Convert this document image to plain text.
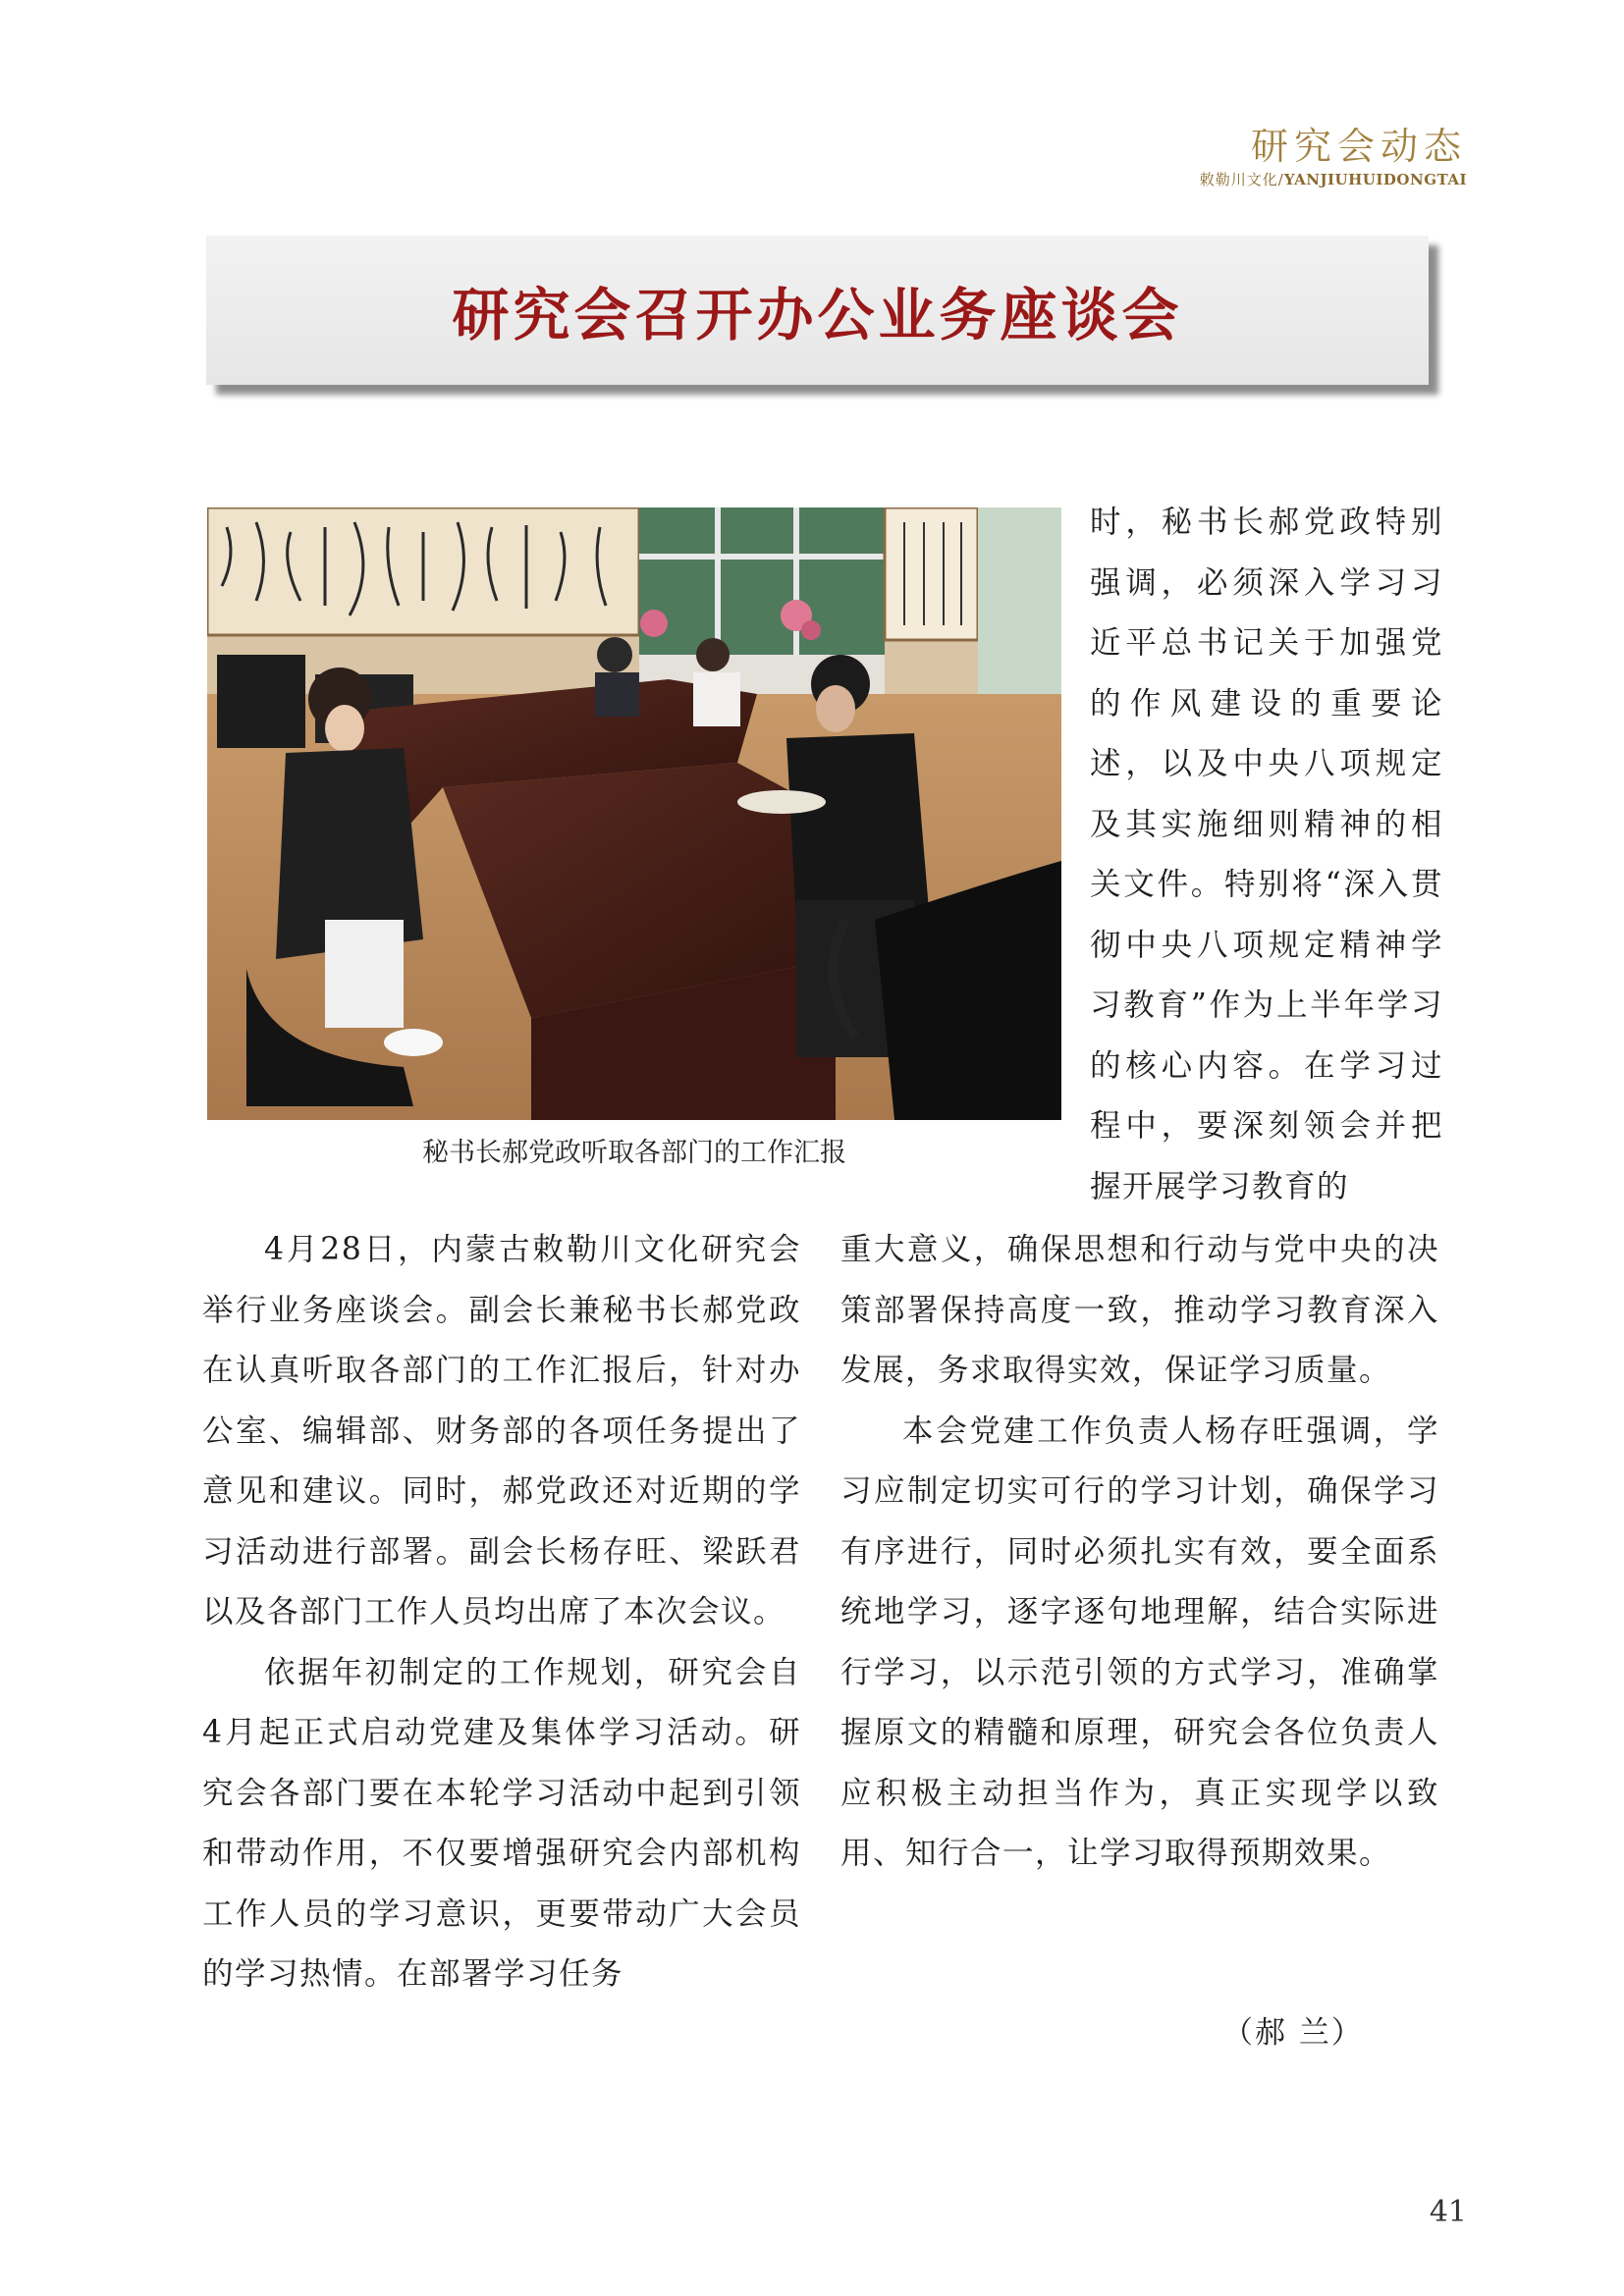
研究会动态
敕勒川文化/YANJIUHUIDONGTAI
研究会召开办公业务座谈会
秘书长郝党政听取各部门的工作汇报
时，秘书长郝党政特别强调，必须深入学习习近平总书记关于加强党的作风建设的重要论述，以及中央八项规定及其实施细则精神的相关文件。特别将“深入贯彻中央八项规定精神学习教育”作为上半年学习的核心内容。在学习过程中，要深刻领会并把握开展学习教育的

4月28日，内蒙古敕勒川文化研究会举行业务座谈会。副会长兼秘书长郝党政在认真听取各部门的工作汇报后，针对办公室、编辑部、财务部的各项任务提出了意见和建议。同时，郝党政还对近期的学习活动进行部署。副会长杨存旺、梁跃君以及各部门工作人员均出席了本次会议。

依据年初制定的工作规划，研究会自4月起正式启动党建及集体学习活动。研究会各部门要在本轮学习活动中起到引领和带动作用，不仅要增强研究会内部机构工作人员的学习意识，更要带动广大会员的学习热情。在部署学习任务

重大意义，确保思想和行动与党中央的决策部署保持高度一致，推动学习教育深入发展，务求取得实效，保证学习质量。

本会党建工作负责人杨存旺强调，学习应制定切实可行的学习计划，确保学习有序进行，同时必须扎实有效，要全面系统地学习，逐字逐句地理解，结合实际进行学习，以示范引领的方式学习，准确掌握原文的精髓和原理，研究会各位负责人应积极主动担当作为，真正实现学以致用、知行合一，让学习取得预期效果。

（郝 兰）
41
